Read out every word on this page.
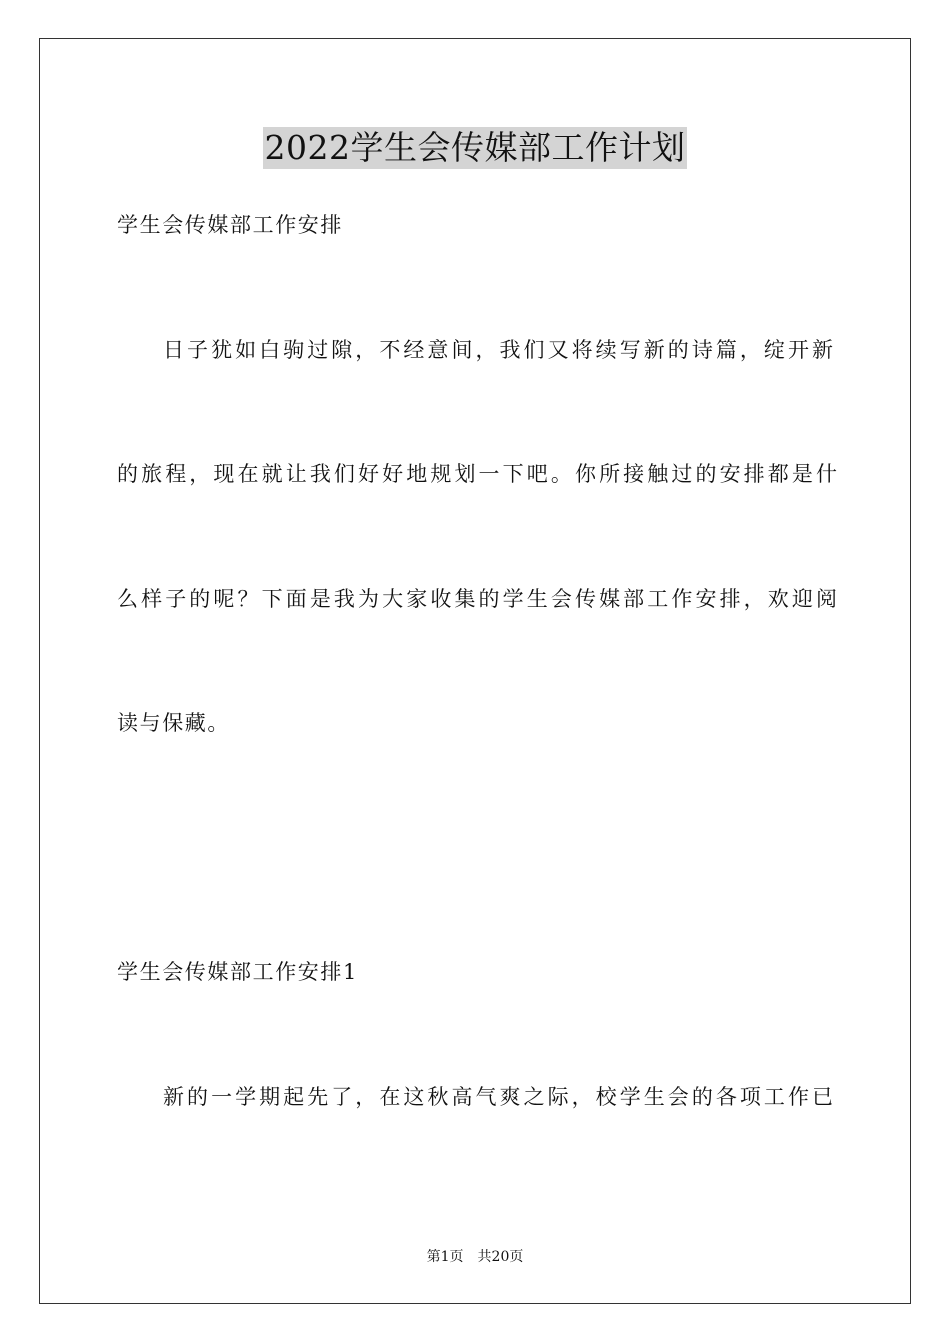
2022学生会传媒部工作计划
学生会传媒部工作安排
日子犹如白驹过隙，不经意间，我们又将续写新的诗篇，绽开新
的旅程，现在就让我们好好地规划一下吧。你所接触过的安排都是什
么样子的呢？下面是我为大家收集的学生会传媒部工作安排，欢迎阅
读与保藏。
学生会传媒部工作安排1
新的一学期起先了，在这秋高气爽之际，校学生会的各项工作已
第1页 共20页
